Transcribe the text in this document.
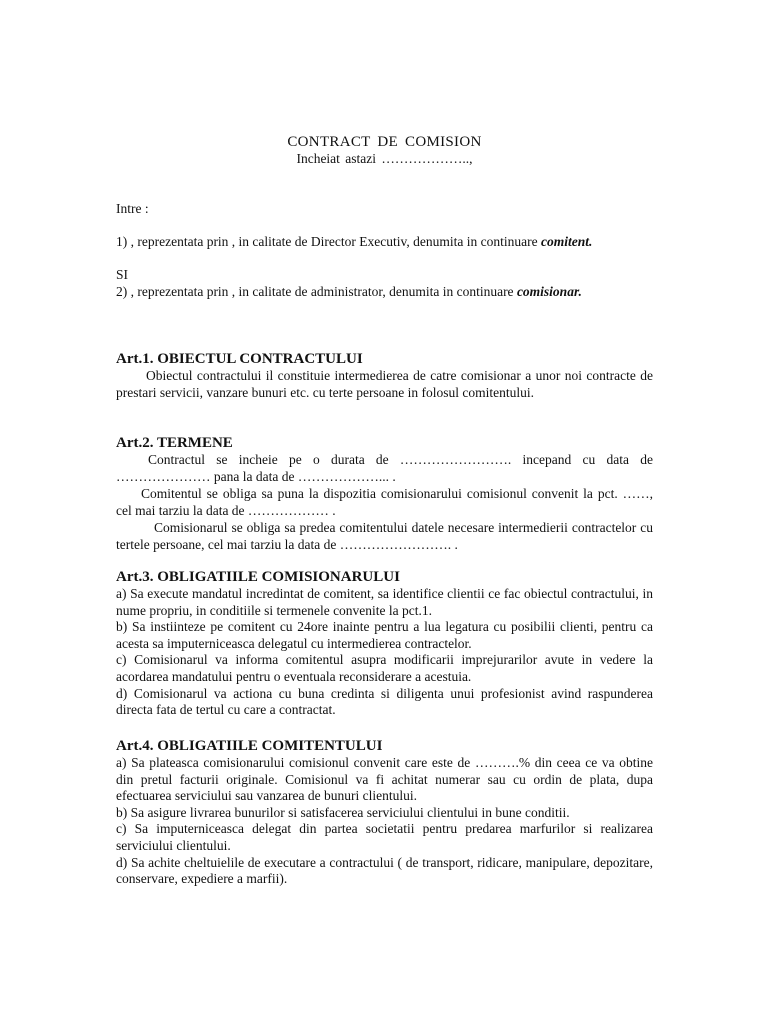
CONTRACT DE COMISION
Incheiat astazi ………………..,
Intre :
1) , reprezentata prin , in calitate de Director Executiv, denumita in continuare comitent.
SI
2) , reprezentata prin , in calitate de administrator, denumita in continuare comisionar.
Art.1. OBIECTUL CONTRACTULUI

Obiectul contractului il constituie intermedierea de catre comisionar a unor noi contracte de prestari servicii, vanzare bunuri etc. cu terte persoane in folosul comitentului.

Art.2. TERMENE

Contractul se incheie pe o durata de ……………………. incepand cu data de ………………… pana la data de ………………... .

Comitentul se obliga sa puna la dispozitia comisionarului comisionul convenit la pct. ……, cel mai tarziu la data de ……………… .

Comisionarul se obliga sa predea comitentului datele necesare intermedierii contractelor cu tertele persoane, cel mai tarziu la data de ……………………. .

Art.3. OBLIGATIILE COMISIONARULUI

a) Sa execute mandatul incredintat de comitent, sa identifice clientii ce fac obiectul contractului, in nume propriu, in conditiile si termenele convenite la pct.1.

b) Sa instiinteze pe comitent cu 24ore inainte pentru a lua legatura cu posibilii clienti, pentru ca acesta sa imputerniceasca delegatul cu intermedierea contractelor.

c) Comisionarul va informa comitentul asupra modificarii imprejurarilor avute in vedere la acordarea mandatului pentru o eventuala reconsiderare a acestuia.

d) Comisionarul va actiona cu buna credinta si diligenta unui profesionist avind raspunderea directa fata de tertul cu care a contractat.

Art.4. OBLIGATIILE COMITENTULUI

a) Sa plateasca comisionarului comisionul convenit care este de ……….% din ceea ce va obtine din pretul facturii originale. Comisionul va fi achitat numerar sau cu ordin de plata, dupa efectuarea serviciului sau vanzarea de bunuri clientului.

b) Sa asigure livrarea bunurilor si satisfacerea serviciului clientului in bune conditii.

c) Sa imputerniceasca delegat din partea societatii pentru predarea marfurilor si realizarea serviciului clientului.

d) Sa achite cheltuielile de executare a contractului ( de transport, ridicare, manipulare, depozitare, conservare, expediere a marfii).
